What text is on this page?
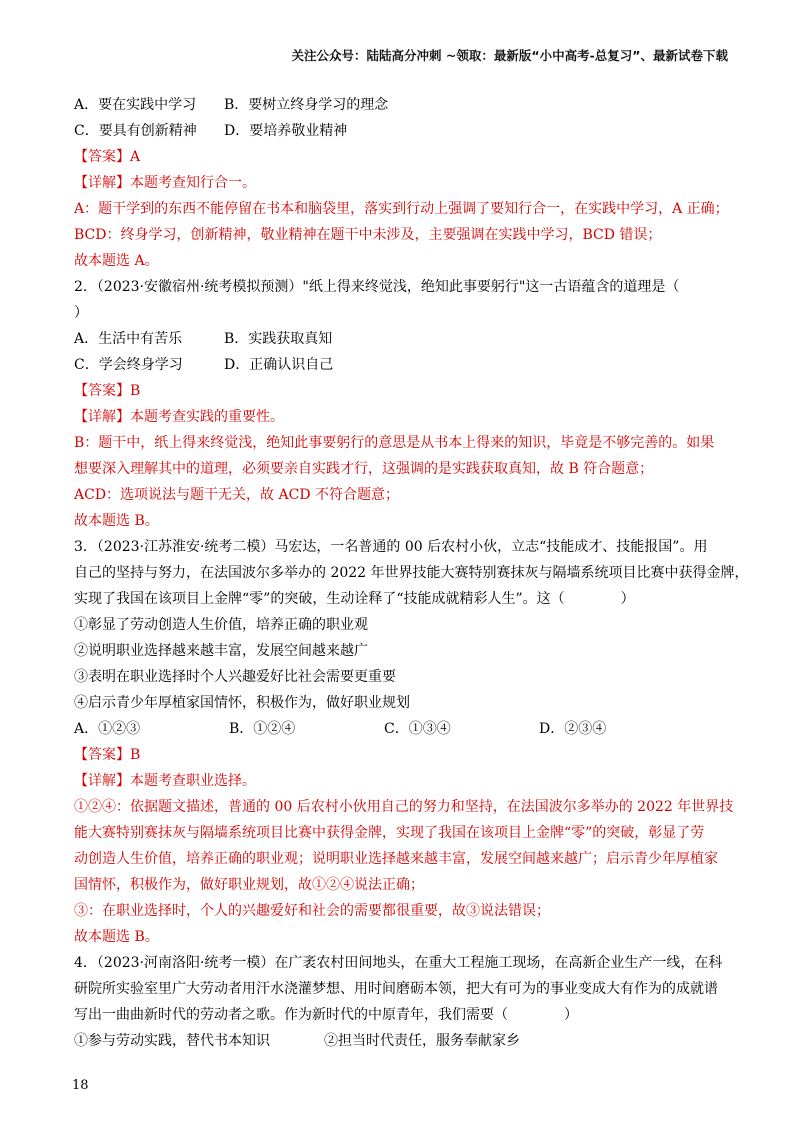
关注公众号：陆陆高分冲刺 ~领取：最新版“小中高考-总复习”、最新试卷下载
A．要在实践中学习 B．要树立终身学习的理念
C．要具有创新精神 D．要培养敬业精神
【答案】A
【详解】本题考查知行合一。
A：题干学到的东西不能停留在书本和脑袋里，落实到行动上强调了要知行合一，在实践中学习，A 正确；
BCD：终身学习，创新精神，敬业精神在题干中未涉及，主要强调在实践中学习，BCD 错误；
故本题选 A。
2．（2023·安徽宿州·统考模拟预测）"纸上得来终觉浅，绝知此事要躬行"这一古语蕴含的道理是（
）
A．生活中有苦乐	B．实践获取真知
C．学会终身学习	D．正确认识自己
【答案】B
【详解】本题考查实践的重要性。
B：题干中，纸上得来终觉浅，绝知此事要躬行的意思是从书本上得来的知识，毕竟是不够完善的。如果
想要深入理解其中的道理，必须要亲自实践才行，这强调的是实践获取真知，故 B 符合题意；
ACD：选项说法与题干无关，故 ACD 不符合题意；
故本题选 B。
3．（2023·江苏淮安·统考二模）马宏达，一名普通的 00 后农村小伙，立志“技能成才、技能报国”。用
自己的坚持与努力，在法国波尔多举办的 2022 年世界技能大赛特别赛抹灰与隔墙系统项目比赛中获得金牌，
实现了我国在该项目上金牌“零”的突破，生动诠释了“技能成就精彩人生”。这（　　　　）
①彰显了劳动创造人生价值，培养正确的职业观
②说明职业选择越来越丰富，发展空间越来越广
③表明在职业选择时个人兴趣爱好比社会需要更重要
④启示青少年厚植家国情怀，积极作为，做好职业规划
A．①②③	B．①②④	C．①③④	D．②③④
【答案】B
【详解】本题考查职业选择。
①②④：依据题文描述，普通的 00 后农村小伙用自己的努力和坚持，在法国波尔多举办的 2022 年世界技
能大赛特别赛抹灰与隔墙系统项目比赛中获得金牌，实现了我国在该项目上金牌“零”的突破，彰显了劳
动创造人生价值，培养正确的职业观；说明职业选择越来越丰富，发展空间越来越广；启示青少年厚植家
国情怀，积极作为，做好职业规划，故①②④说法正确；
③：在职业选择时，个人的兴趣爱好和社会的需要都很重要，故③说法错误；
故本题选 B。
4．（2023·河南洛阳·统考一模）在广袤农村田间地头，在重大工程施工现场，在高新企业生产一线，在科
研院所实验室里广大劳动者用汗水浇灌梦想、用时间磨砺本领，把大有可为的事业变成大有作为的成就谱
写出一曲曲新时代的劳动者之歌。作为新时代的中原青年，我们需要（　　　　）
①参与劳动实践，替代书本知识	②担当时代责任，服务奉献家乡
18
